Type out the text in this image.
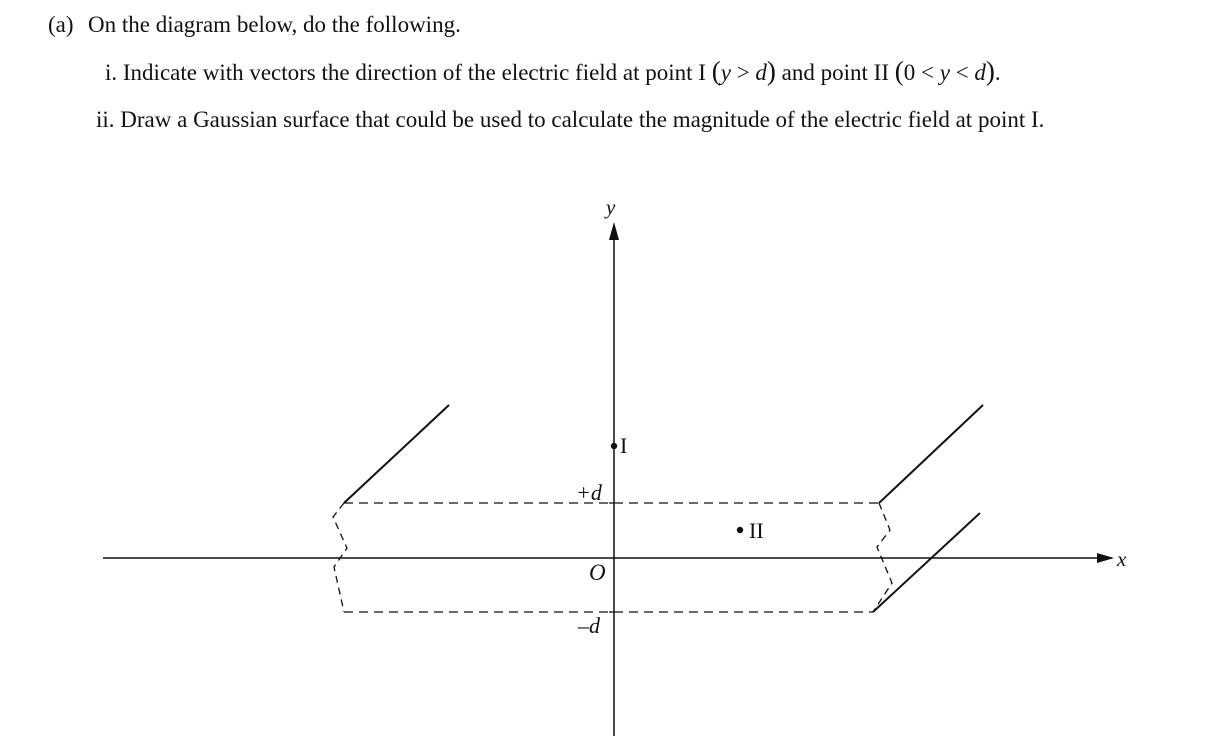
(a) On the diagram below, do the following.
i. Indicate with vectors the direction of the electric field at point I (y > d) and point II (0 < y < d).
ii. Draw a Gaussian surface that could be used to calculate the magnitude of the electric field at point I.
x
y
I
II
+d
O
–d
